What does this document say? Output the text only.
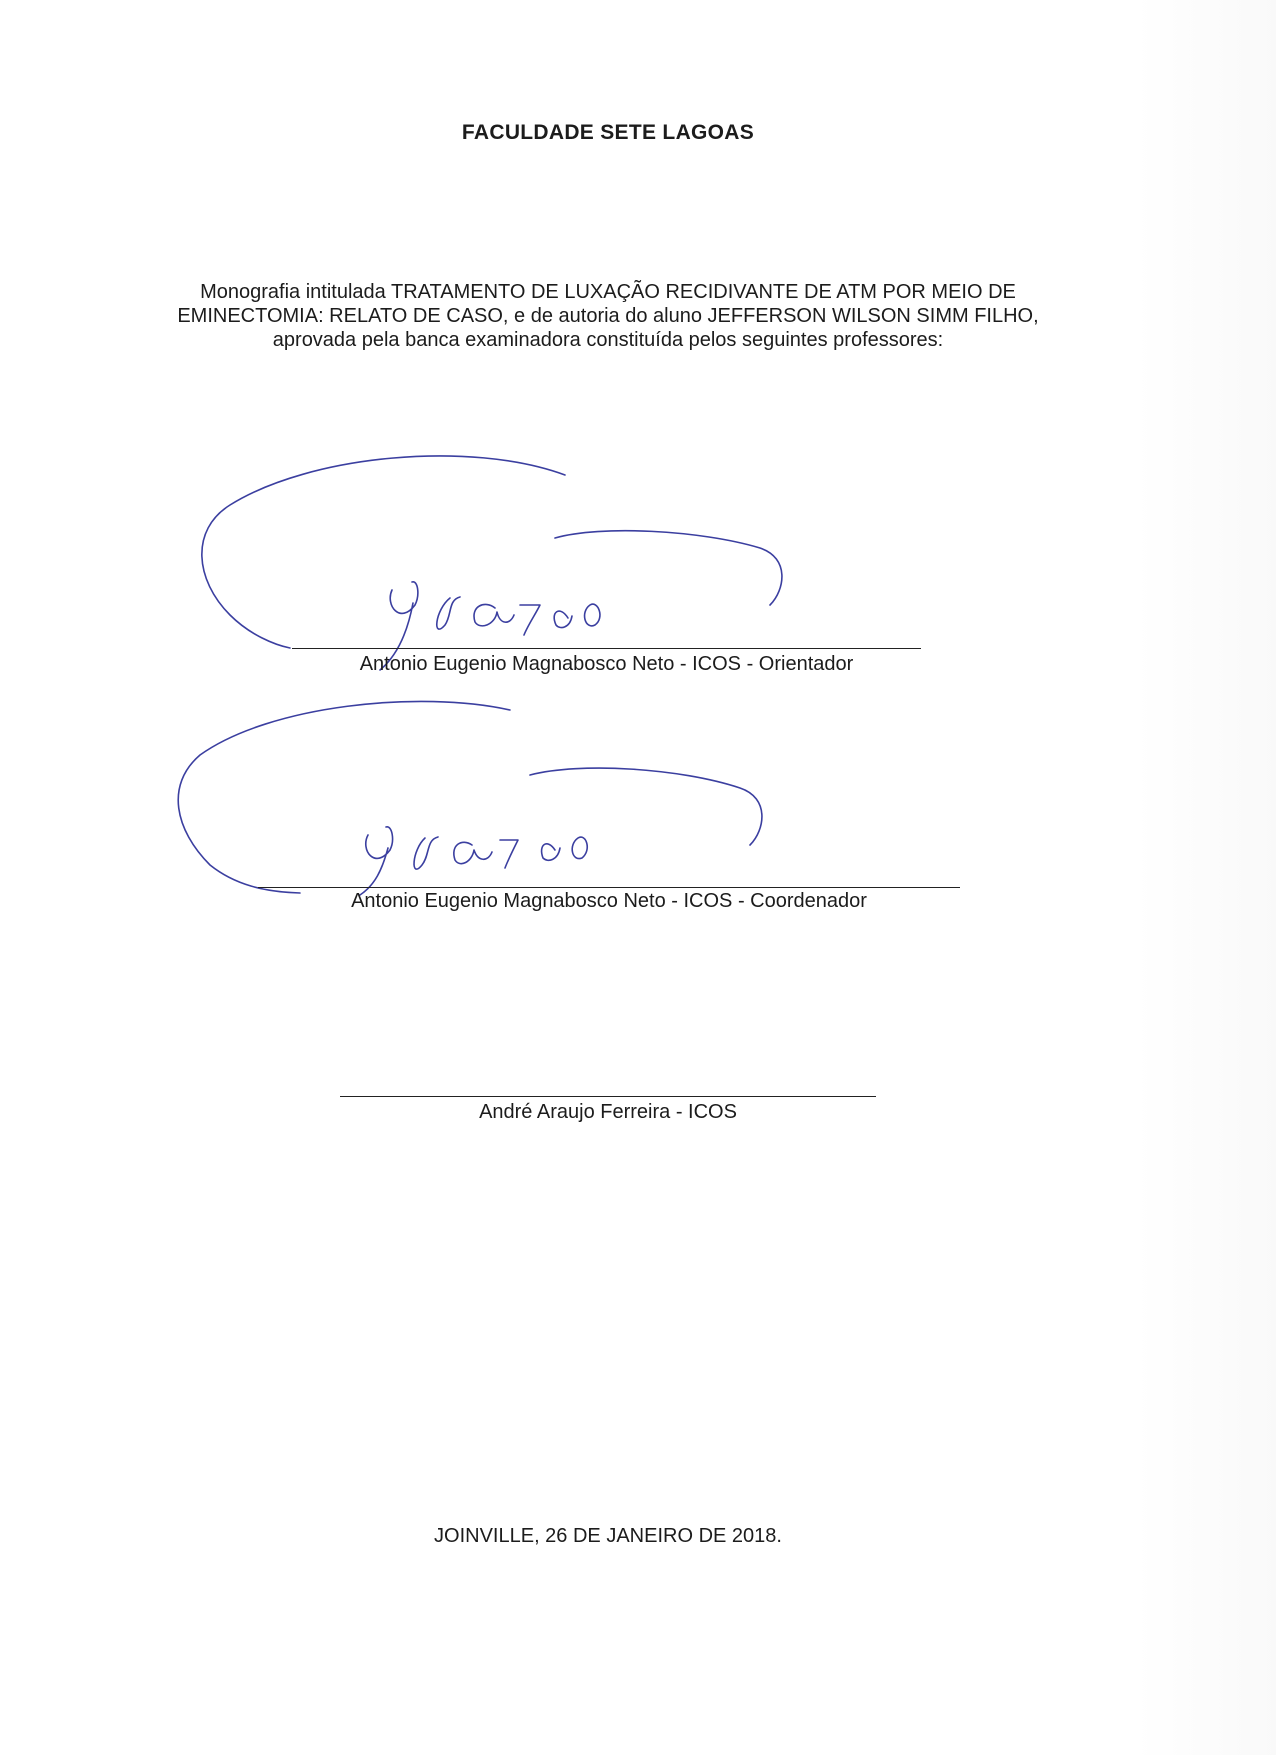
FACULDADE SETE LAGOAS

Monografia intitulada TRATAMENTO DE LUXAÇÃO RECIDIVANTE DE ATM POR MEIO DE EMINECTOMIA: RELATO DE CASO, e de autoria do aluno JEFFERSON WILSON SIMM FILHO, aprovada pela banca examinadora constituída pelos seguintes professores:

Antonio Eugenio Magnabosco Neto - ICOS - Orientador
Antonio Eugenio Magnabosco Neto - ICOS - Coordenador
André Araujo Ferreira - ICOS
JOINVILLE, 26 DE JANEIRO DE 2018.
